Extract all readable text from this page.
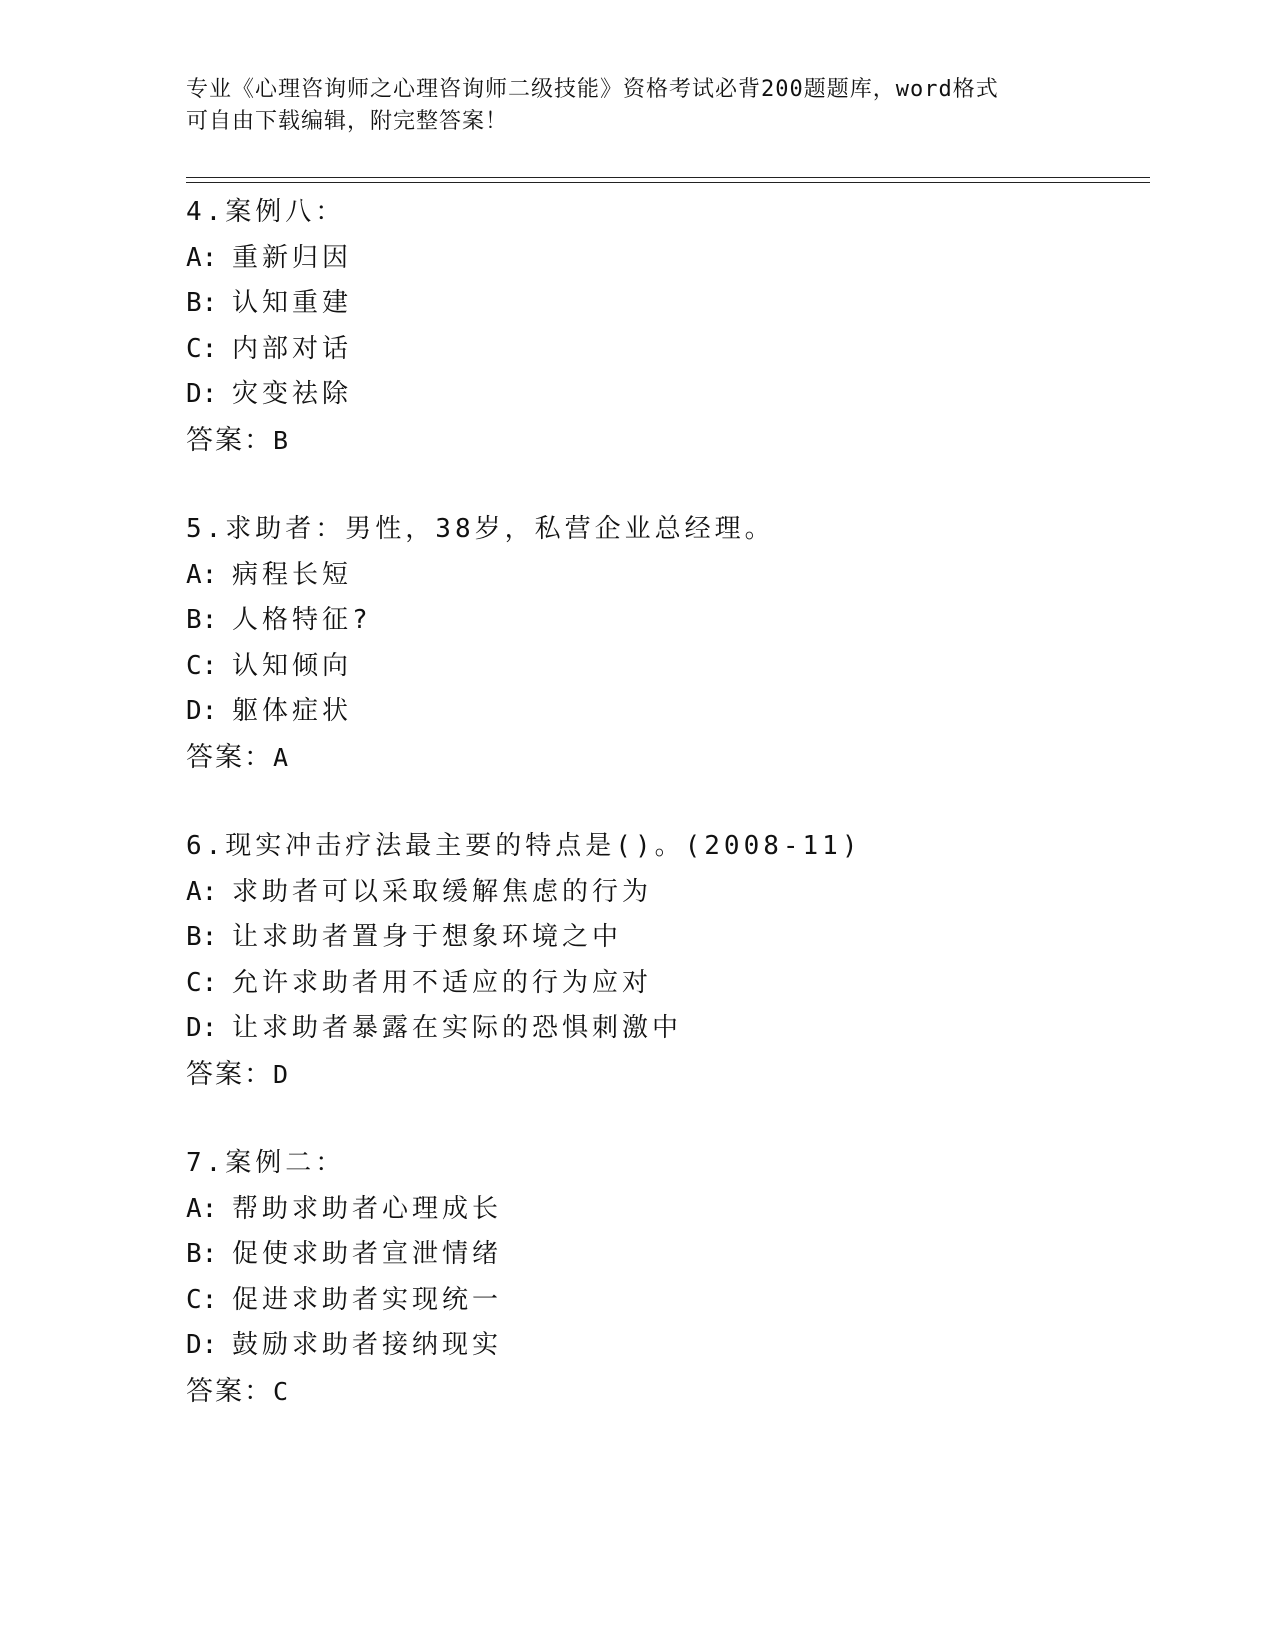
专业《心理咨询师之心理咨询师二级技能》资格考试必背200题题库，word格式
可自由下载编辑，附完整答案！
4.案例八：
A: 重新归因
B: 认知重建
C: 内部对话
D: 灾变祛除
答案：B
5.求助者：男性，38岁，私营企业总经理。
A: 病程长短
B: 人格特征?
C: 认知倾向
D: 躯体症状
答案：A
6.现实冲击疗法最主要的特点是()。(2008-11)
A: 求助者可以采取缓解焦虑的行为
B: 让求助者置身于想象环境之中
C: 允许求助者用不适应的行为应对
D: 让求助者暴露在实际的恐惧刺激中
答案：D
7.案例二：
A: 帮助求助者心理成长
B: 促使求助者宣泄情绪
C: 促进求助者实现统一
D: 鼓励求助者接纳现实
答案：C
